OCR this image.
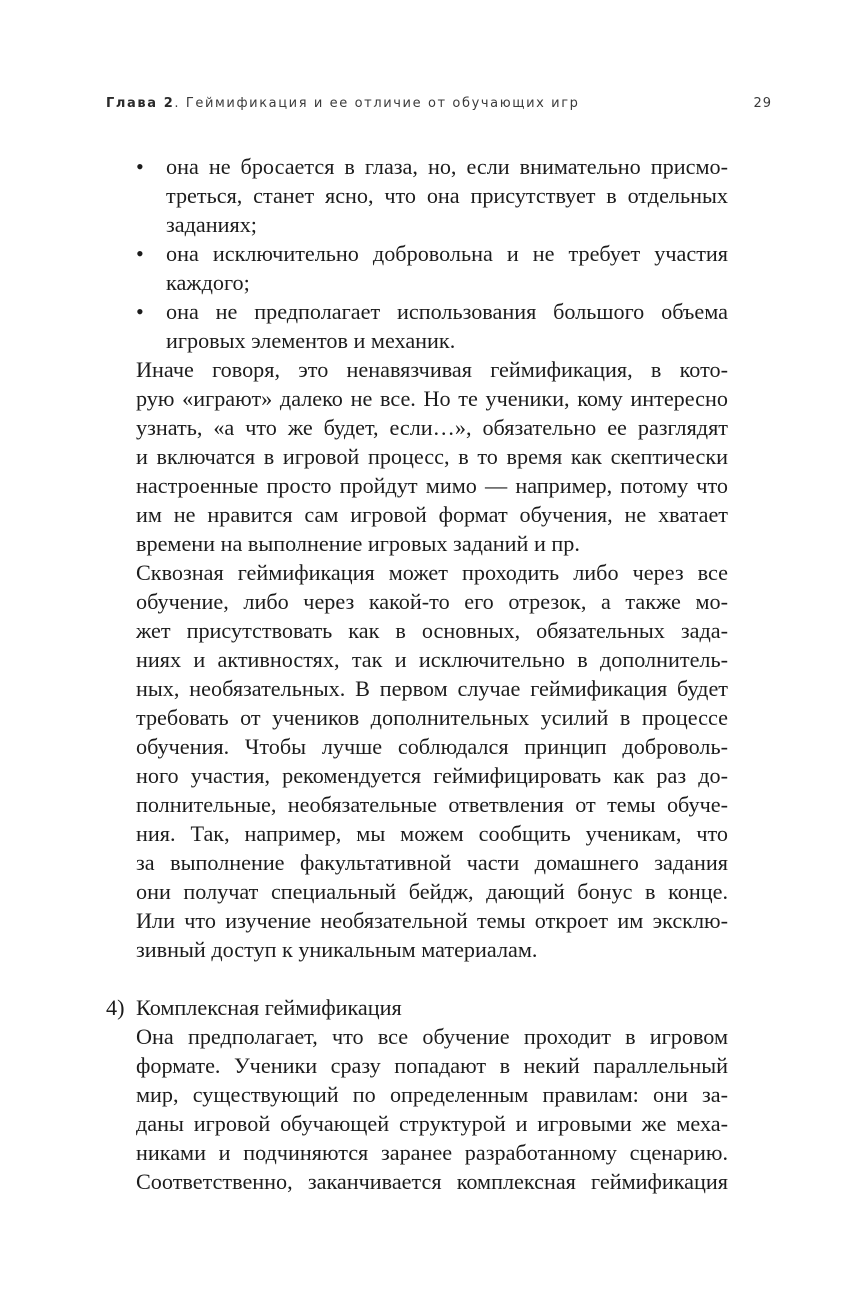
Глава 2. Геймификация и ее отличие от обучающих игр	29
• она не бросается в глаза, но, если внимательно присмо-
треться, станет ясно, что она присутствует в отдельных
заданиях;
• она исключительно добровольна и не требует участия
каждого;
• она не предполагает использования большого объема
игровых элементов и механик.
Иначе говоря, это ненавязчивая геймификация, в кото-
рую «играют» далеко не все. Но те ученики, кому интересно
узнать, «а что же будет, если…», обязательно ее разглядят
и включатся в игровой процесс, в то время как скептически
настроенные просто пройдут мимо — например, потому что
им не нравится сам игровой формат обучения, не хватает
времени на выполнение игровых заданий и пр.
Сквозная геймификация может проходить либо через все
обучение, либо через какой-то его отрезок, а также мо-
жет присутствовать как в основных, обязательных зада-
ниях и активностях, так и исключительно в дополнитель-
ных, необязательных. В первом случае геймификация будет
требовать от учеников дополнительных усилий в процессе
обучения. Чтобы лучше соблюдался принцип доброволь-
ного участия, рекомендуется геймифицировать как раз до-
полнительные, необязательные ответвления от темы обуче-
ния. Так, например, мы можем сообщить ученикам, что
за выполнение факультативной части домашнего задания
они получат специальный бейдж, дающий бонус в конце.
Или что изучение необязательной темы откроет им эксклю-
зивный доступ к уникальным материалам.
4) Комплексная геймификация
Она предполагает, что все обучение проходит в игровом
формате. Ученики сразу попадают в некий параллельный
мир, существующий по определенным правилам: они за-
даны игровой обучающей структурой и игровыми же меха-
никами и подчиняются заранее разработанному сценарию.
Соответственно, заканчивается комплексная геймификация
